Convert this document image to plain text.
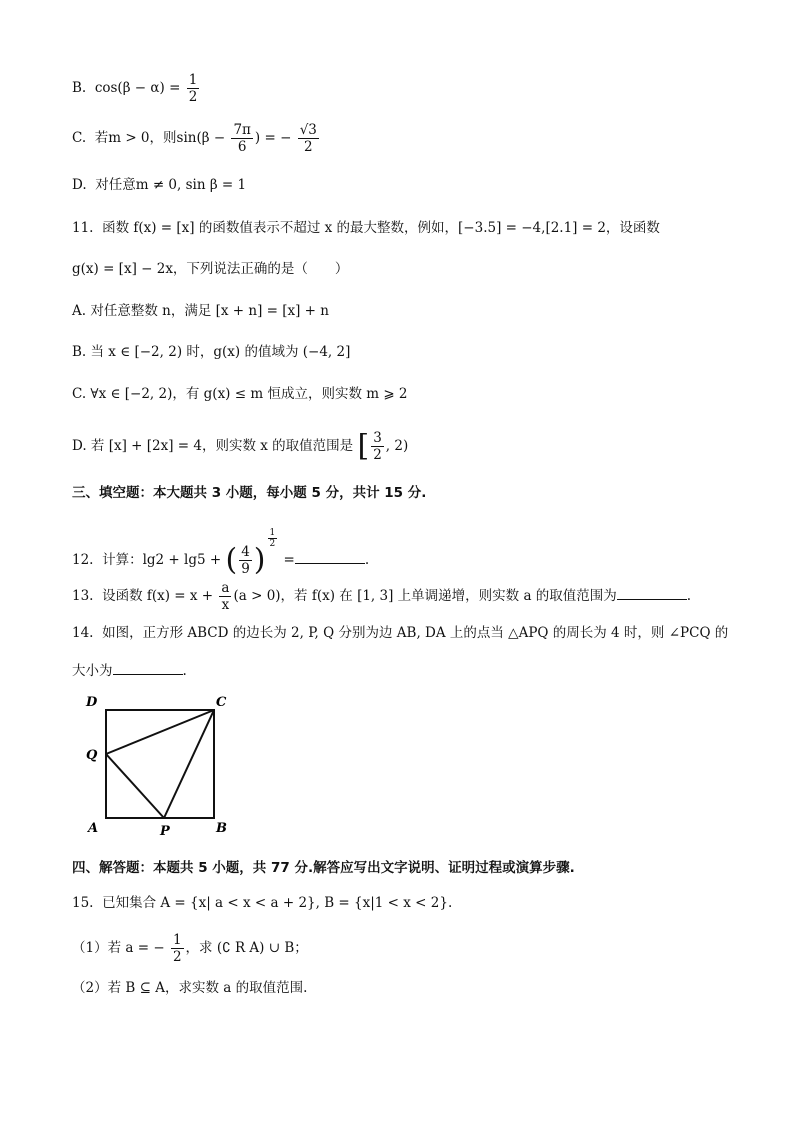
B. $\cos(\beta - \alpha) = \frac{1}{2}$
C. 若m > 0，则$\sin(\beta - \frac{7\pi}{6}$ ) = − $\frac{√3}{2}$
D. 对任意m ≠ 0, sin β = 1
11. 函数 f(x) = [x] 的函数值表示不超过 x 的最大整数，例如，[−3.5] = −4,[2.1] = 2，设函数
g(x) = [x] − 2x，下列说法正确的是（　　）
A. 对任意整数 n，满足 [x + n] = [x] + n
B. 当 x ∈ [−2, 2) 时，g(x) 的值域为 (−4, 2]
C. ∀x ∈ [−2, 2)，有 g(x) ≤ m 恒成立，则实数 m ⩾ 2
D. 若 [x] + [2x] = 4，则实数 x 的取值范围是 [ $\frac{3}{2}$ , 2)
三、填空题：本大题共 3 小题，每小题 5 分，共计 15 分.
12. 计算：lg2 + lg5 + ( $\frac{4}{9}$ )
$^{\frac{1}{2}}$
=	.
13. 设函数 $f(x) = x + \frac{a}{x} (a > 0)$，若 f(x) 在 [1, 3] 上单调递增，则实数 a 的取值范围为	.
14. 如图，正方形 ABCD 的边长为 2, P, Q 分别为边 AB, DA 上的点当 △APQ 的周长为 4 时，则 ∠PCQ 的
大小为	.
D	C
Q
A	P	B
四、解答题：本题共 5 小题，共 77 分.解答应写出文字说明、证明过程或演算步骤.
15. 已知集合 A = {x| a < x < a + 2}, B = {x|1 < x < 2}.
（1）若 a = − $\frac{1}{2}$ ，求 (∁ R A) ∪ B；
（2）若 B ⊆ A，求实数 a 的取值范围.
